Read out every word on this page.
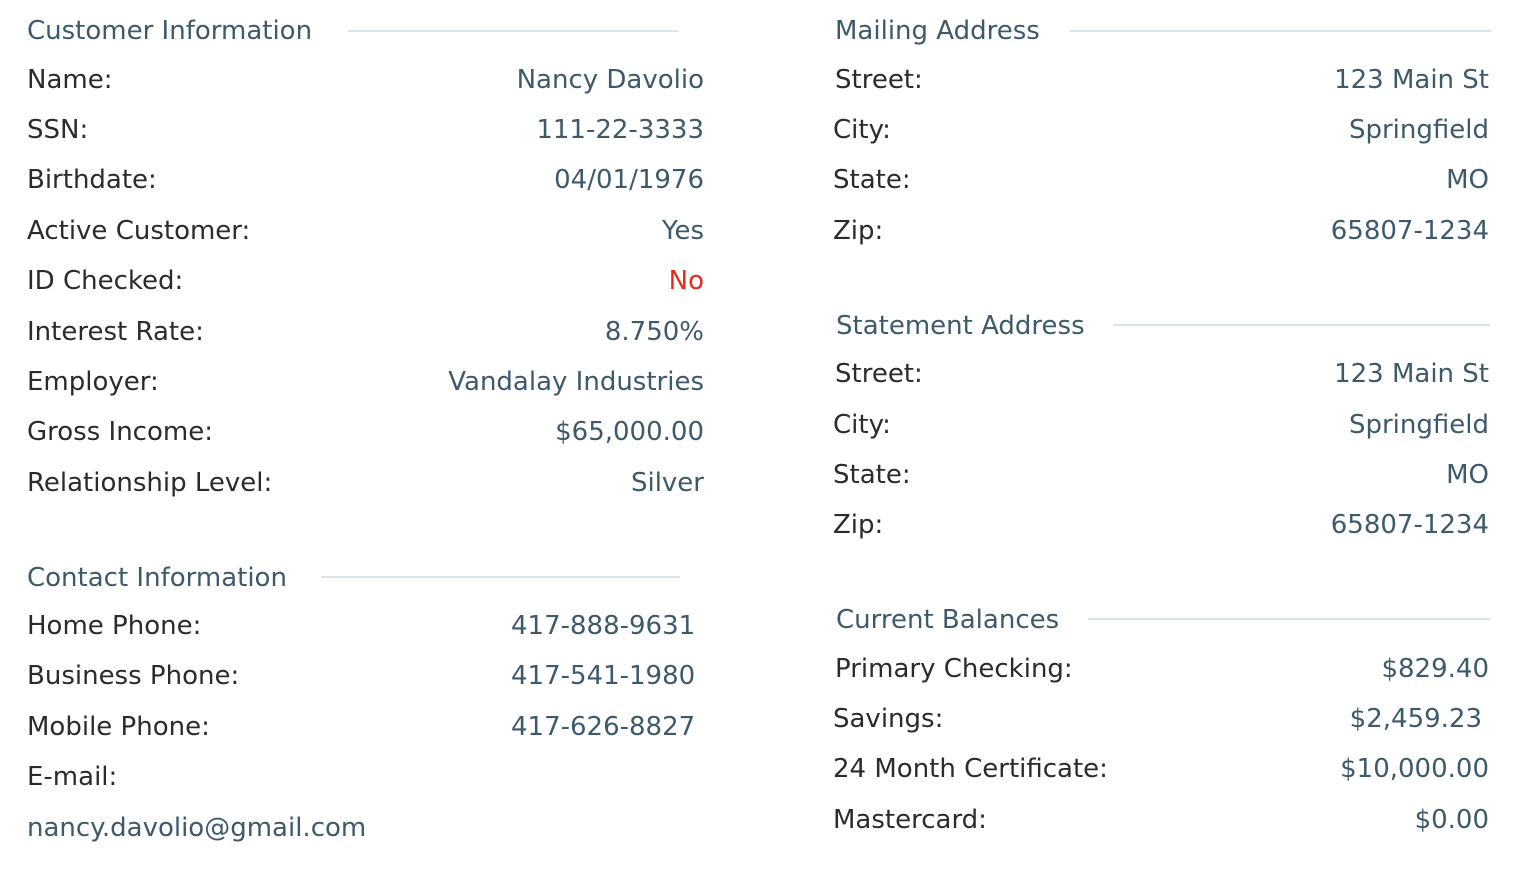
Customer Information
Name:	Nancy Davolio
SSN:	111-22-3333
Birthdate:	04/01/1976
Active Customer:	Yes
ID Checked:	No
Interest Rate:	8.750%
Employer:	Vandalay Industries
Gross Income:	$65,000.00
Relationship Level:	Silver
Contact Information
Home Phone:	417-888-9631
Business Phone:	417-541-1980
Mobile Phone:	417-626-8827
E-mail:
nancy.davolio@gmail.com
Mailing Address
Street:	123 Main St
City:	Springfield
State:	MO
Zip:	65807-1234
Statement Address
Street:	123 Main St
City:	Springfield
State:	MO
Zip:	65807-1234
Current Balances
Primary Checking:	$829.40
Savings:	$2,459.23
24 Month Certificate:	$10,000.00
Mastercard:	$0.00
